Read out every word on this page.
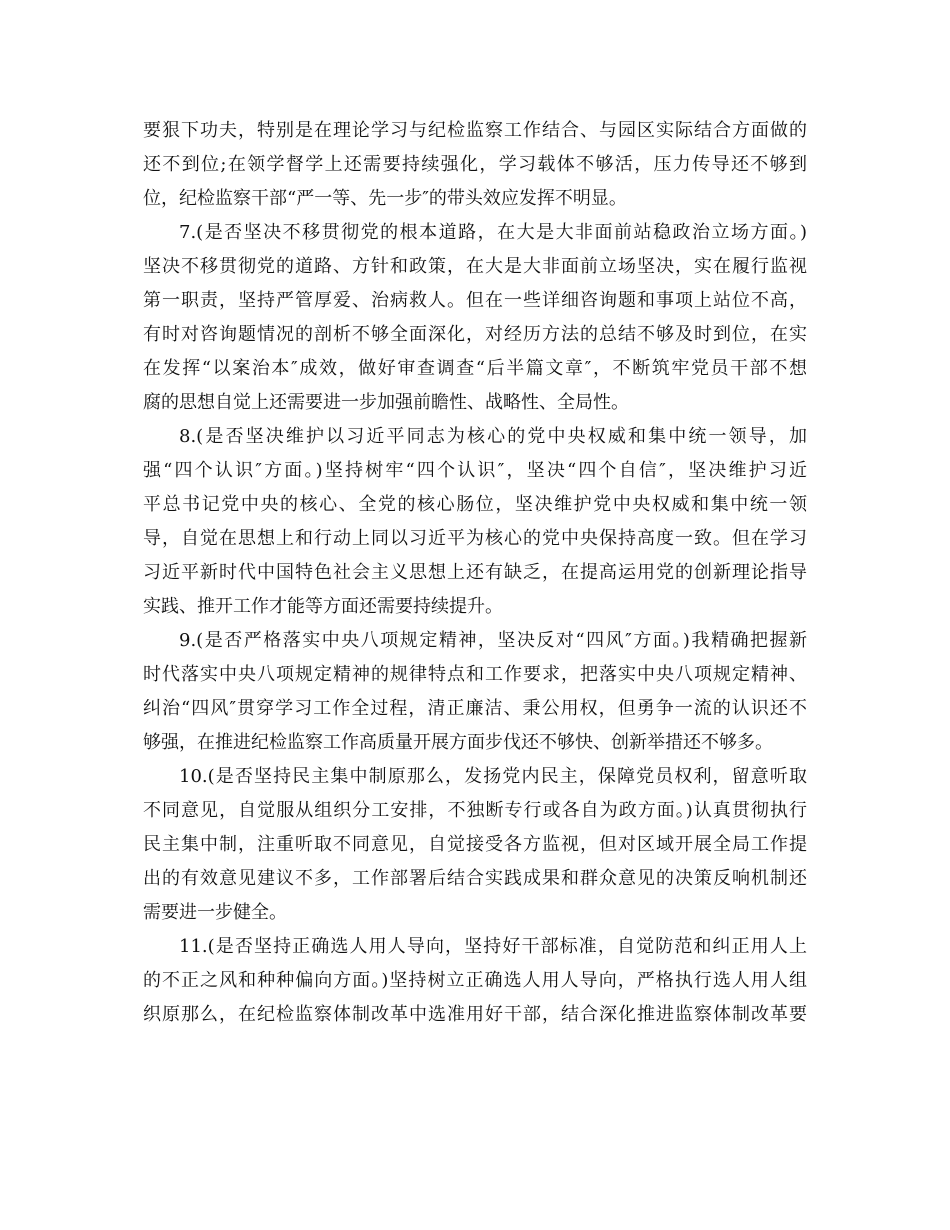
要狠下功夫，特别是在理论学习与纪检监察工作结合、与园区实际结合方面做的
还不到位;在领学督学上还需要持续强化，学习载体不够活，压力传导还不够到
位，纪检监察干部“严一等、先一步″的带头效应发挥不明显。
7.(是否坚决不移贯彻党的根本道路，在大是大非面前站稳政治立场方面。)
坚决不移贯彻党的道路、方针和政策，在大是大非面前立场坚决，实在履行监视
第一职责，坚持严管厚爱、治病救人。但在一些详细咨询题和事项上站位不高，
有时对咨询题情况的剖析不够全面深化，对经历方法的总结不够及时到位，在实
在发挥“以案治本″成效，做好审查调查“后半篇文章″，不断筑牢党员干部不想
腐的思想自觉上还需要进一步加强前瞻性、战略性、全局性。
8.(是否坚决维护以习近平同志为核心的党中央权威和集中统一领导，加
强“四个认识″方面。)坚持树牢“四个认识″，坚决“四个自信″，坚决维护习近
平总书记党中央的核心、全党的核心肠位，坚决维护党中央权威和集中统一领
导，自觉在思想上和行动上同以习近平为核心的党中央保持高度一致。但在学习
习近平新时代中国特色社会主义思想上还有缺乏，在提高运用党的创新理论指导
实践、推开工作才能等方面还需要持续提升。
9.(是否严格落实中央八项规定精神，坚决反对“四风″方面。)我精确把握新
时代落实中央八项规定精神的规律特点和工作要求，把落实中央八项规定精神、
纠治“四风″贯穿学习工作全过程，清正廉洁、秉公用权，但勇争一流的认识还不
够强，在推进纪检监察工作高质量开展方面步伐还不够快、创新举措还不够多。
10.(是否坚持民主集中制原那么，发扬党内民主，保障党员权利，留意听取
不同意见，自觉服从组织分工安排，不独断专行或各自为政方面。)认真贯彻执行
民主集中制，注重听取不同意见，自觉接受各方监视，但对区域开展全局工作提
出的有效意见建议不多，工作部署后结合实践成果和群众意见的决策反响机制还
需要进一步健全。
11.(是否坚持正确选人用人导向，坚持好干部标准，自觉防范和纠正用人上
的不正之风和种种偏向方面。)坚持树立正确选人用人导向，严格执行选人用人组
织原那么，在纪检监察体制改革中选准用好干部，结合深化推进监察体制改革要
